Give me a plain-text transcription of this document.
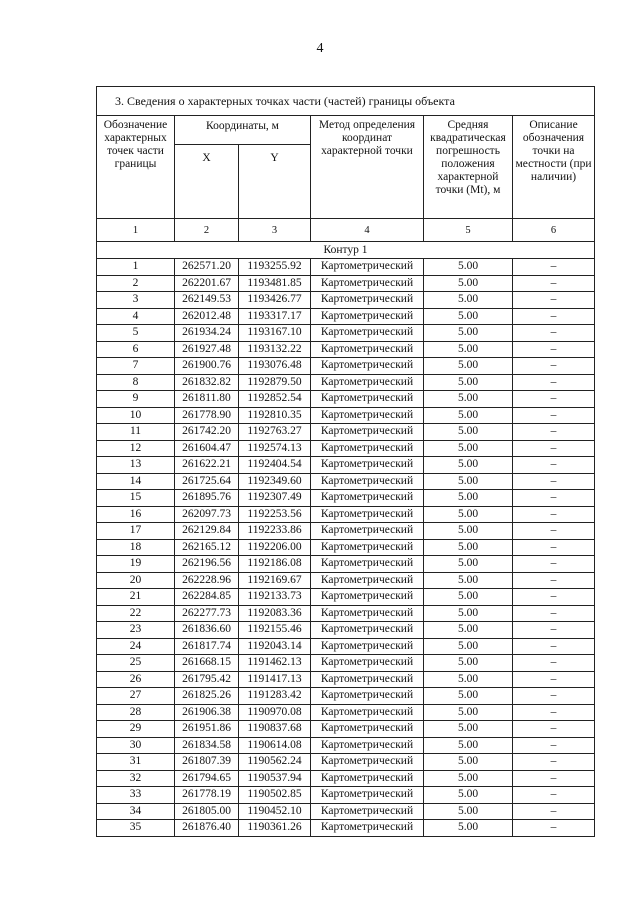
4
3. Сведения о характерных точках части (частей) границы объекта					
Обозначение характерных точек части границы	Координаты, м		Метод определения координат характерной точки	Средняя квадратическая погрешность положения характерной точки (Mt), м	Описание обозначения точки на местности (при наличии)
	X	Y			
1	2	3	4	5	6
Контур 1					
1	262571.20	1193255.92	Картометрический	5.00	–
2	262201.67	1193481.85	Картометрический	5.00	–
3	262149.53	1193426.77	Картометрический	5.00	–
4	262012.48	1193317.17	Картометрический	5.00	–
5	261934.24	1193167.10	Картометрический	5.00	–
6	261927.48	1193132.22	Картометрический	5.00	–
7	261900.76	1193076.48	Картометрический	5.00	–
8	261832.82	1192879.50	Картометрический	5.00	–
9	261811.80	1192852.54	Картометрический	5.00	–
10	261778.90	1192810.35	Картометрический	5.00	–
11	261742.20	1192763.27	Картометрический	5.00	–
12	261604.47	1192574.13	Картометрический	5.00	–
13	261622.21	1192404.54	Картометрический	5.00	–
14	261725.64	1192349.60	Картометрический	5.00	–
15	261895.76	1192307.49	Картометрический	5.00	–
16	262097.73	1192253.56	Картометрический	5.00	–
17	262129.84	1192233.86	Картометрический	5.00	–
18	262165.12	1192206.00	Картометрический	5.00	–
19	262196.56	1192186.08	Картометрический	5.00	–
20	262228.96	1192169.67	Картометрический	5.00	–
21	262284.85	1192133.73	Картометрический	5.00	–
22	262277.73	1192083.36	Картометрический	5.00	–
23	261836.60	1192155.46	Картометрический	5.00	–
24	261817.74	1192043.14	Картометрический	5.00	–
25	261668.15	1191462.13	Картометрический	5.00	–
26	261795.42	1191417.13	Картометрический	5.00	–
27	261825.26	1191283.42	Картометрический	5.00	–
28	261906.38	1190970.08	Картометрический	5.00	–
29	261951.86	1190837.68	Картометрический	5.00	–
30	261834.58	1190614.08	Картометрический	5.00	–
31	261807.39	1190562.24	Картометрический	5.00	–
32	261794.65	1190537.94	Картометрический	5.00	–
33	261778.19	1190502.85	Картометрический	5.00	–
34	261805.00	1190452.10	Картометрический	5.00	–
35	261876.40	1190361.26	Картометрический	5.00	–
